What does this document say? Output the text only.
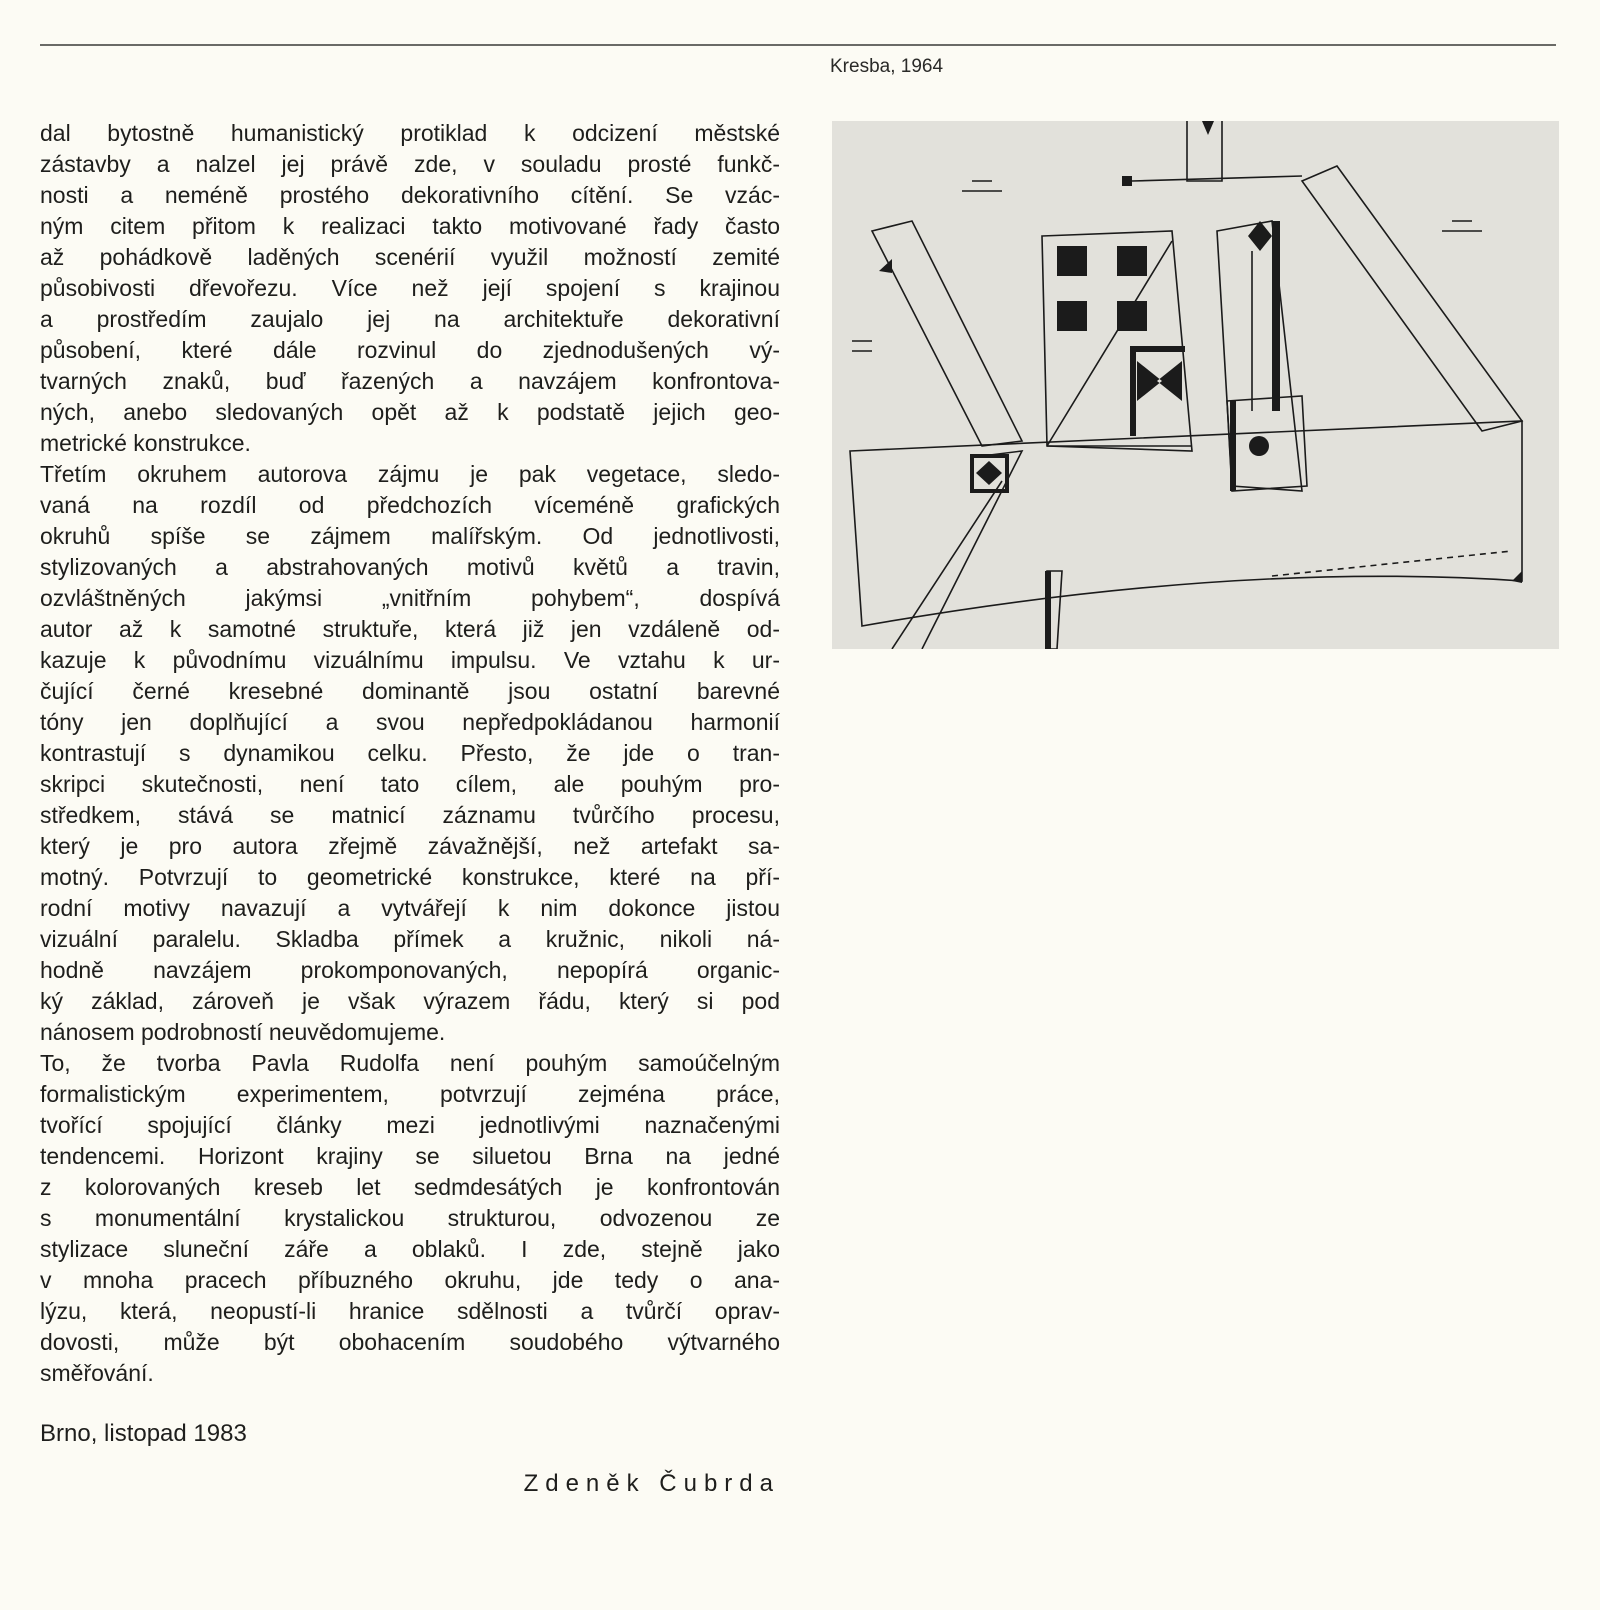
Kresba, 1964
dal bytostně humanistický protiklad k odcizení městské
zástavby a nalzel jej právě zde, v souladu prosté funkč-
nosti a neméně prostého dekorativního cítění. Se vzác-
ným citem přitom k realizaci takto motivované řady často
až pohádkově laděných scenérií využil možností zemité
působivosti dřevořezu. Více než její spojení s krajinou
a prostředím zaujalo jej na architektuře dekorativní
působení, které dále rozvinul do zjednodušených vý-
tvarných znaků, buď řazených a navzájem konfrontova-
ných, anebo sledovaných opět až k podstatě jejich geo-
metrické konstrukce.
Třetím okruhem autorova zájmu je pak vegetace, sledo-
vaná na rozdíl od předchozích víceméně grafických
okruhů spíše se zájmem malířským. Od jednotlivosti,
stylizovaných a abstrahovaných motivů květů a travin,
ozvláštněných jakýmsi „vnitřním pohybem“, dospívá
autor až k samotné struktuře, která již jen vzdáleně od-
kazuje k původnímu vizuálnímu impulsu. Ve vztahu k ur-
čující černé kresebné dominantě jsou ostatní barevné
tóny jen doplňující a svou nepředpokládanou harmonií
kontrastují s dynamikou celku. Přesto, že jde o tran-
skripci skutečnosti, není tato cílem, ale pouhým pro-
středkem, stává se matnicí záznamu tvůrčího procesu,
který je pro autora zřejmě závažnější, než artefakt sa-
motný. Potvrzují to geometrické konstrukce, které na pří-
rodní motivy navazují a vytvářejí k nim dokonce jistou
vizuální paralelu. Skladba přímek a kružnic, nikoli ná-
hodně navzájem prokomponovaných, nepopírá organic-
ký základ, zároveň je však výrazem řádu, který si pod
nánosem podrobností neuvědomujeme.
To, že tvorba Pavla Rudolfa není pouhým samoúčelným
formalistickým experimentem, potvrzují zejména práce,
tvořící spojující články mezi jednotlivými naznačenými
tendencemi. Horizont krajiny se siluetou Brna na jedné
z kolorovaných kreseb let sedmdesátých je konfrontován
s monumentální krystalickou strukturou, odvozenou ze
stylizace sluneční záře a oblaků. I zde, stejně jako
v mnoha pracech příbuzného okruhu, jde tedy o ana-
lýzu, která, neopustí-li hranice sdělnosti a tvůrčí oprav-
dovosti, může být obohacením soudobého výtvarného
směřování.
Brno, listopad 1983
Zdeněk Čubrda
